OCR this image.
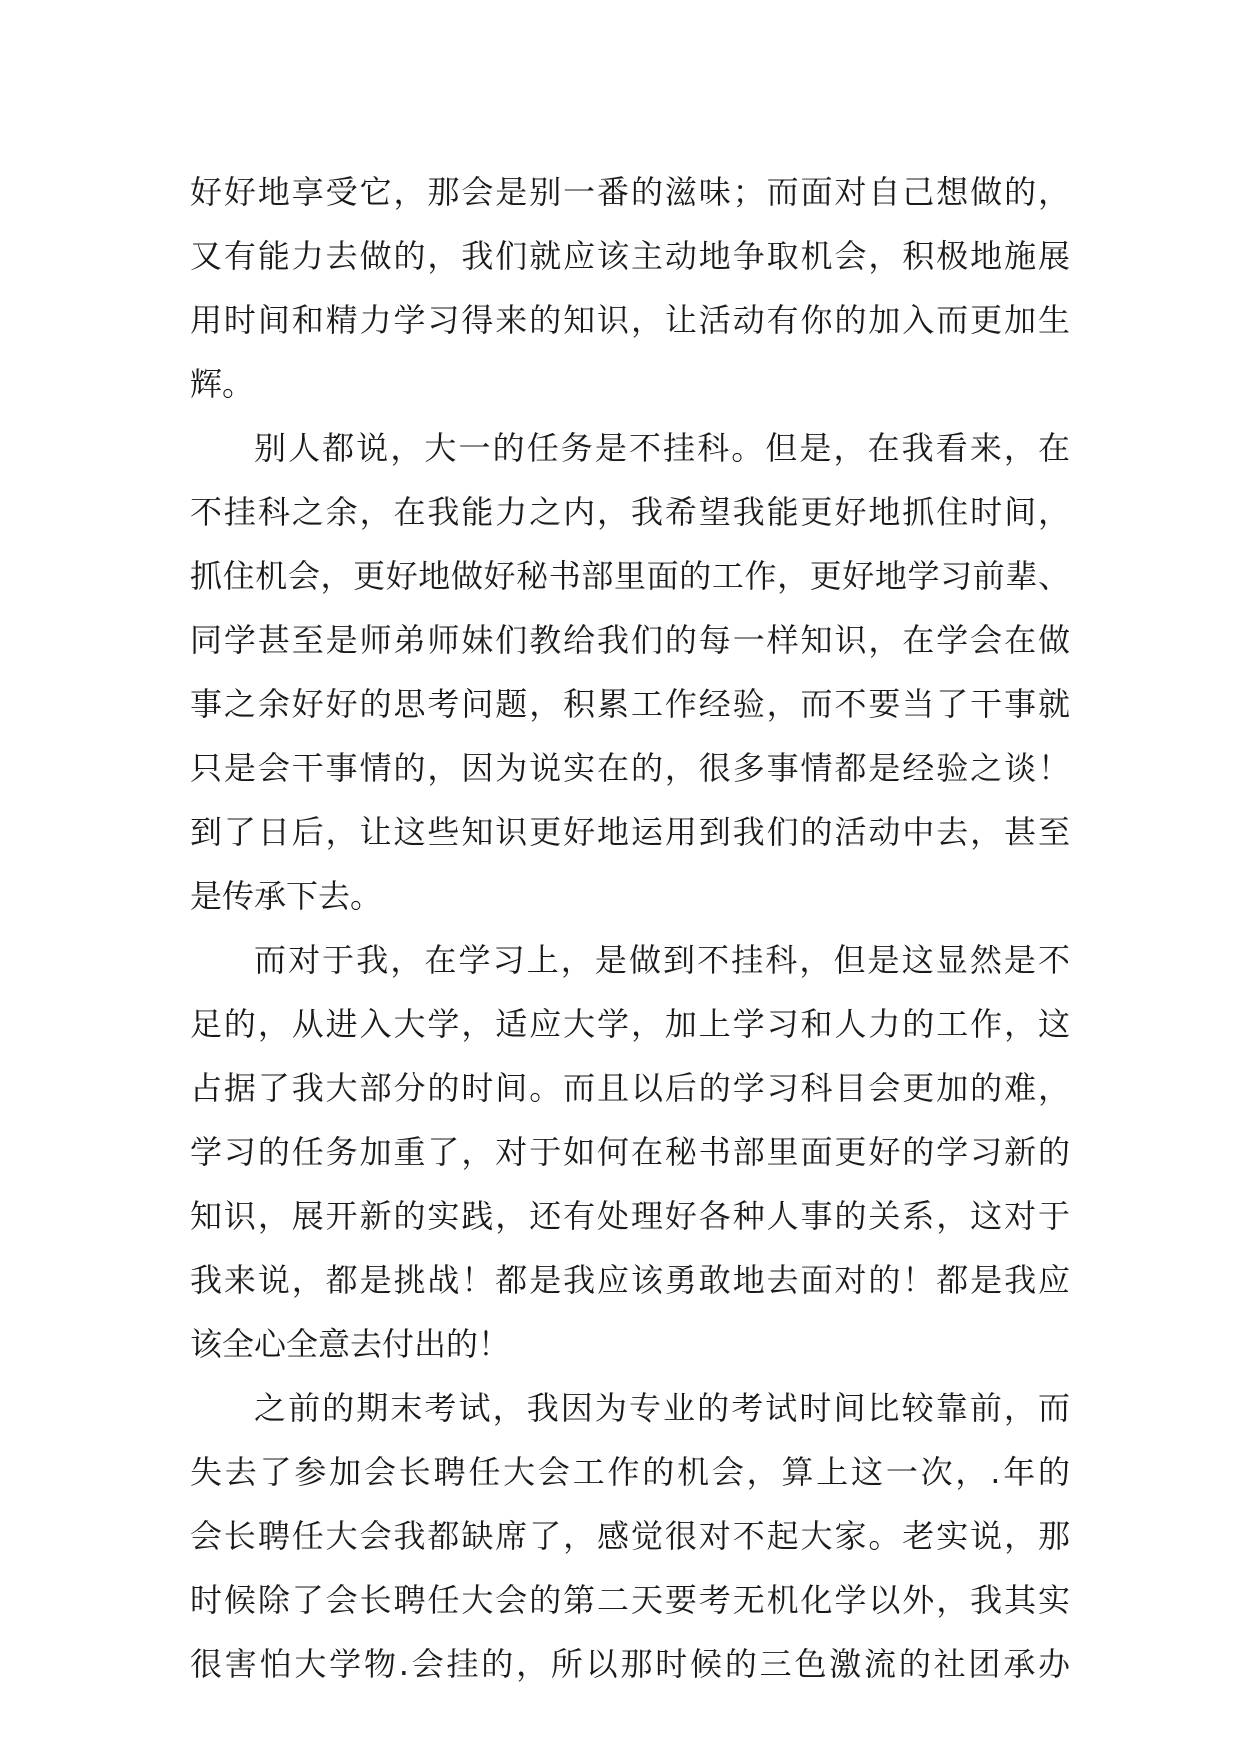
好好地享受它，那会是别一番的滋味；而面对自己想做的，
又有能力去做的，我们就应该主动地争取机会，积极地施展
用时间和精力学习得来的知识，让活动有你的加入而更加生
辉。
别人都说，大一的任务是不挂科。但是，在我看来，在
不挂科之余，在我能力之内，我希望我能更好地抓住时间，
抓住机会，更好地做好秘书部里面的工作，更好地学习前辈、
同学甚至是师弟师妹们教给我们的每一样知识，在学会在做
事之余好好的思考问题，积累工作经验，而不要当了干事就
只是会干事情的，因为说实在的，很多事情都是经验之谈！
到了日后，让这些知识更好地运用到我们的活动中去，甚至
是传承下去。
而对于我，在学习上，是做到不挂科，但是这显然是不
足的，从进入大学，适应大学，加上学习和人力的工作，这
占据了我大部分的时间。而且以后的学习科目会更加的难，
学习的任务加重了，对于如何在秘书部里面更好的学习新的
知识，展开新的实践，还有处理好各种人事的关系，这对于
我来说，都是挑战！都是我应该勇敢地去面对的！都是我应
该全心全意去付出的！
之前的期末考试，我因为专业的考试时间比较靠前，而
失去了参加会长聘任大会工作的机会，算上这一次，.年的
会长聘任大会我都缺席了，感觉很对不起大家。老实说，那
时候除了会长聘任大会的第二天要考无机化学以外，我其实
很害怕大学物.会挂的，所以那时候的三色激流的社团承办
